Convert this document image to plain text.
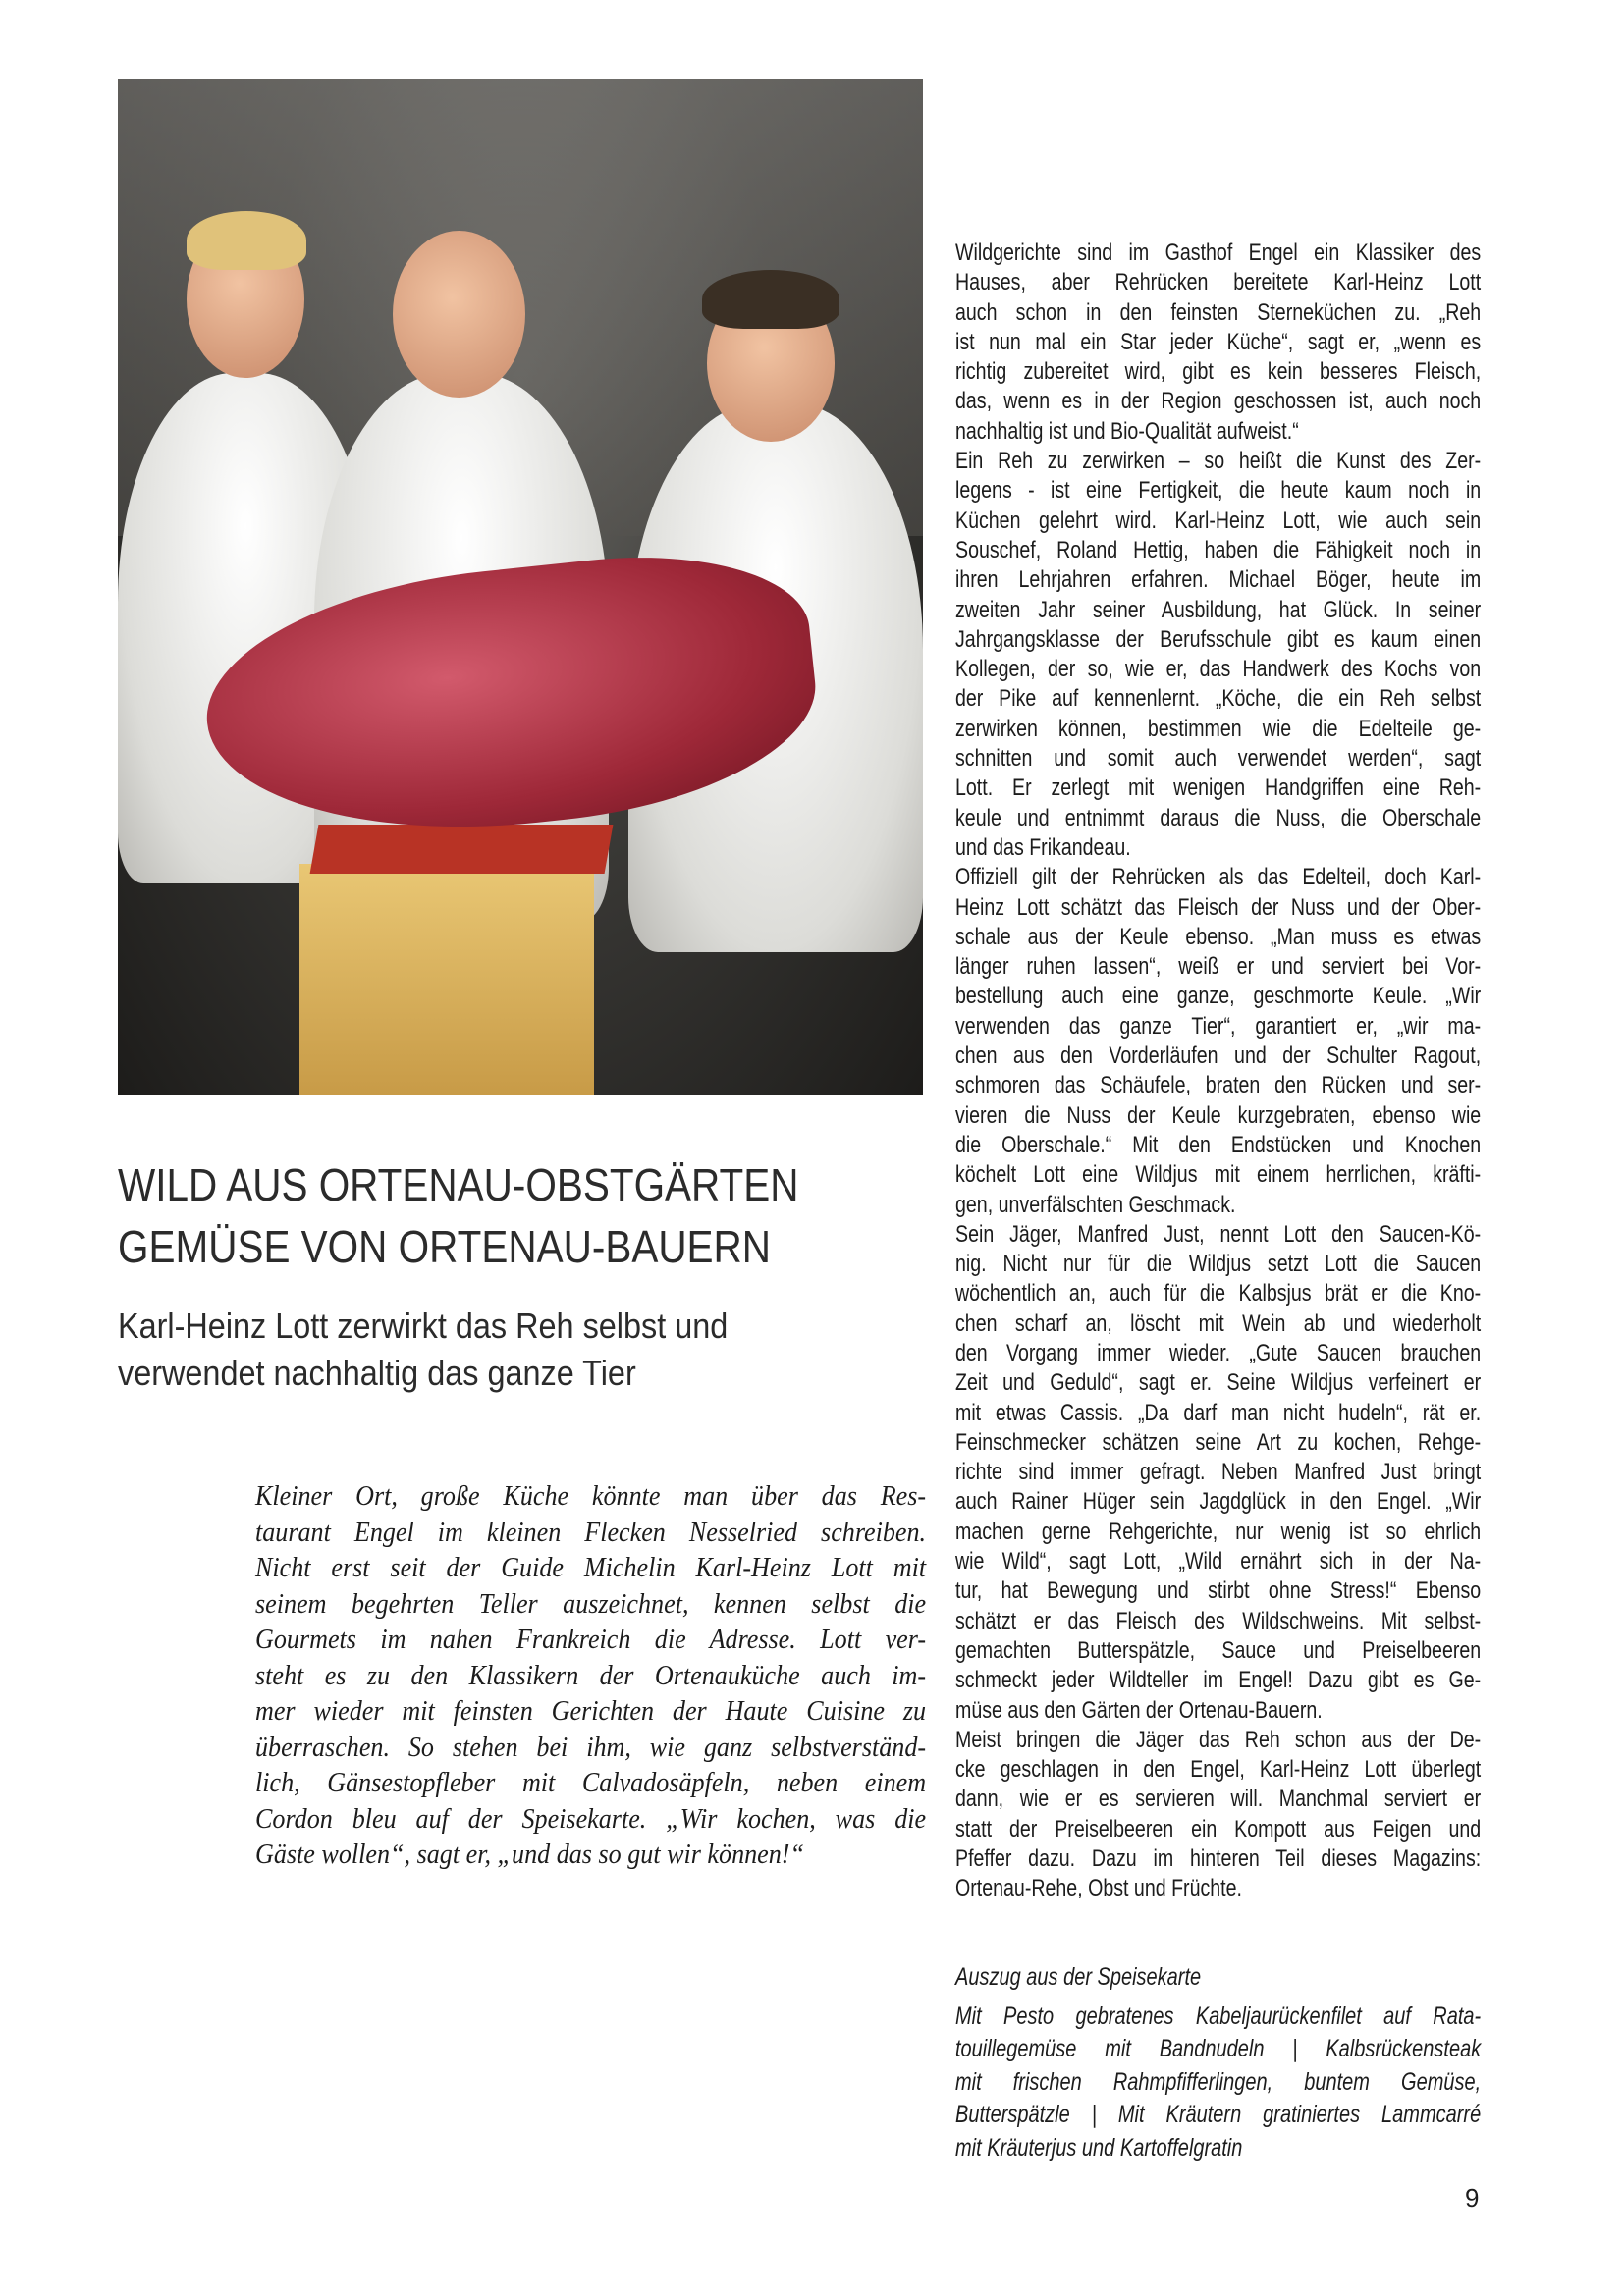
WILD AUS ORTENAU-OBSTGÄRTEN
GEMÜSE VON ORTENAU-BAUERN
Karl-Heinz Lott zerwirkt das Reh selbst und
verwendet nachhaltig das ganze Tier
Kleiner Ort, große Küche könnte man über das Res-
taurant Engel im kleinen Flecken Nesselried schreiben.
Nicht erst seit der Guide Michelin Karl-Heinz Lott mit
seinem begehrten Teller auszeichnet, kennen selbst die
Gourmets im nahen Frankreich die Adresse. Lott ver-
steht es zu den Klassikern der Ortenauküche auch im-
mer wieder mit feinsten Gerichten der Haute Cuisine zu
überraschen. So stehen bei ihm, wie ganz selbstverständ-
lich, Gänsestopfleber mit Calvadosäpfeln, neben einem
Cordon bleu auf der Speisekarte. „Wir kochen, was die
Gäste wollen“, sagt er, „und das so gut wir können!“
Wildgerichte sind im Gasthof Engel ein Klassiker des
Hauses, aber Rehrücken bereitete Karl-Heinz Lott
auch schon in den feinsten Sterneküchen zu. „Reh
ist nun mal ein Star jeder Küche“, sagt er, „wenn es
richtig zubereitet wird, gibt es kein besseres Fleisch,
das, wenn es in der Region geschossen ist, auch noch
nachhaltig ist und Bio-Qualität aufweist.“
Ein Reh zu zerwirken – so heißt die Kunst des Zer-
legens - ist eine Fertigkeit, die heute kaum noch in
Küchen gelehrt wird. Karl-Heinz Lott, wie auch sein
Souschef, Roland Hettig, haben die Fähigkeit noch in
ihren Lehrjahren erfahren. Michael Böger, heute im
zweiten Jahr seiner Ausbildung, hat Glück. In seiner
Jahrgangsklasse der Berufsschule gibt es kaum einen
Kollegen, der so, wie er, das Handwerk des Kochs von
der Pike auf kennenlernt. „Köche, die ein Reh selbst
zerwirken können, bestimmen wie die Edelteile ge-
schnitten und somit auch verwendet werden“, sagt
Lott. Er zerlegt mit wenigen Handgriffen eine Reh-
keule und entnimmt daraus die Nuss, die Oberschale
und das Frikandeau.
Offiziell gilt der Rehrücken als das Edelteil, doch Karl-
Heinz Lott schätzt das Fleisch der Nuss und der Ober-
schale aus der Keule ebenso. „Man muss es etwas
länger ruhen lassen“, weiß er und serviert bei Vor-
bestellung auch eine ganze, geschmorte Keule. „Wir
verwenden das ganze Tier“, garantiert er, „wir ma-
chen aus den Vorderläufen und der Schulter Ragout,
schmoren das Schäufele, braten den Rücken und ser-
vieren die Nuss der Keule kurzgebraten, ebenso wie
die Oberschale.“ Mit den Endstücken und Knochen
köchelt Lott eine Wildjus mit einem herrlichen, kräfti-
gen, unverfälschten Geschmack.
Sein Jäger, Manfred Just, nennt Lott den Saucen-Kö-
nig. Nicht nur für die Wildjus setzt Lott die Saucen
wöchentlich an, auch für die Kalbsjus brät er die Kno-
chen scharf an, löscht mit Wein ab und wiederholt
den Vorgang immer wieder. „Gute Saucen brauchen
Zeit und Geduld“, sagt er. Seine Wildjus verfeinert er
mit etwas Cassis. „Da darf man nicht hudeln“, rät er.
Feinschmecker schätzen seine Art zu kochen, Rehge-
richte sind immer gefragt. Neben Manfred Just bringt
auch Rainer Hüger sein Jagdglück in den Engel. „Wir
machen gerne Rehgerichte, nur wenig ist so ehrlich
wie Wild“, sagt Lott, „Wild ernährt sich in der Na-
tur, hat Bewegung und stirbt ohne Stress!“ Ebenso
schätzt er das Fleisch des Wildschweins. Mit selbst-
gemachten Butterspätzle, Sauce und Preiselbeeren
schmeckt jeder Wildteller im Engel! Dazu gibt es Ge-
müse aus den Gärten der Ortenau-Bauern.
Meist bringen die Jäger das Reh schon aus der De-
cke geschlagen in den Engel, Karl-Heinz Lott überlegt
dann, wie er es servieren will. Manchmal serviert er
statt der Preiselbeeren ein Kompott aus Feigen und
Pfeffer dazu. Dazu im hinteren Teil dieses Magazins:
Ortenau-Rehe, Obst und Früchte.
Auszug aus der Speisekarte
Mit Pesto gebratenes Kabeljaurückenfilet auf Rata-
touillegemüse mit Bandnudeln | Kalbsrückensteak
mit frischen Rahmpfifferlingen, buntem Gemüse,
Butterspätzle | Mit Kräutern gratiniertes Lammcarré
mit Kräuterjus und Kartoffelgratin
9
